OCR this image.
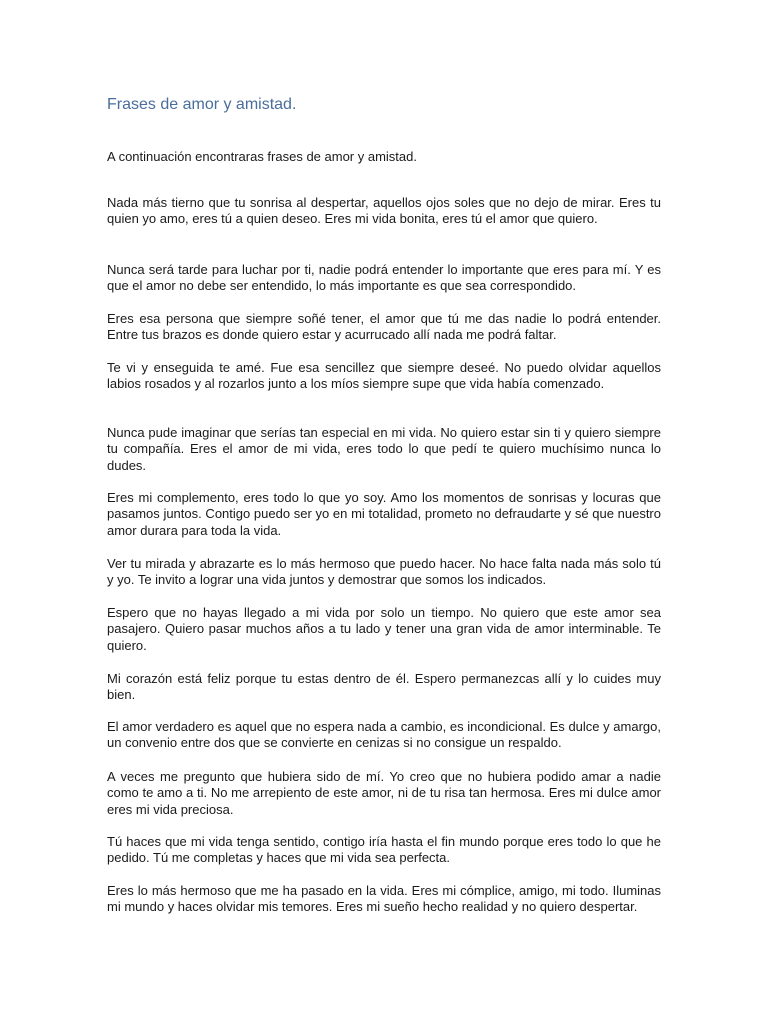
Frases de amor y amistad.

A continuación encontraras frases de amor y amistad.

Nada más tierno que tu sonrisa al despertar, aquellos ojos soles que no dejo de mirar. Eres tu quien yo amo, eres tú a quien deseo. Eres mi vida bonita, eres tú el amor que quiero.

Nunca será tarde para luchar por ti, nadie podrá entender lo importante que eres para mí. Y es que el amor no debe ser entendido, lo más importante es que sea correspondido.

Eres esa persona que siempre soñé tener, el amor que tú me das nadie lo podrá entender. Entre tus brazos es donde quiero estar y acurrucado allí nada me podrá faltar.

Te vi y enseguida te amé. Fue esa sencillez que siempre deseé. No puedo olvidar aquellos labios rosados y al rozarlos junto a los míos siempre supe que vida había comenzado.

Nunca pude imaginar que serías tan especial en mi vida. No quiero estar sin ti y quiero siempre tu compañía. Eres el amor de mi vida, eres todo lo que pedí te quiero muchísimo nunca lo dudes.

Eres mi complemento, eres todo lo que yo soy. Amo los momentos de sonrisas y locuras que pasamos juntos. Contigo puedo ser yo en mi totalidad, prometo no defraudarte y sé que nuestro amor durara para toda la vida.

Ver tu mirada y abrazarte es lo más hermoso que puedo hacer. No hace falta nada más solo tú y yo. Te invito a lograr una vida juntos y demostrar que somos los indicados.

Espero que no hayas llegado a mi vida por solo un tiempo. No quiero que este amor sea pasajero. Quiero pasar muchos años a tu lado y tener una gran vida de amor interminable. Te quiero.

Mi corazón está feliz porque tu estas dentro de él. Espero permanezcas allí y lo cuides muy bien.

El amor verdadero es aquel que no espera nada a cambio, es incondicional. Es dulce y amargo, un convenio entre dos que se convierte en cenizas si no consigue un respaldo.

A veces me pregunto que hubiera sido de mí. Yo creo que no hubiera podido amar a nadie como te amo a ti. No me arrepiento de este amor, ni de tu risa tan hermosa. Eres mi dulce amor eres mi vida preciosa.

Tú haces que mi vida tenga sentido, contigo iría hasta el fin mundo porque eres todo lo que he pedido. Tú me completas y haces que mi vida sea perfecta.

Eres lo más hermoso que me ha pasado en la vida. Eres mi cómplice, amigo, mi todo. Iluminas mi mundo y haces olvidar mis temores. Eres mi sueño hecho realidad y no quiero despertar.
